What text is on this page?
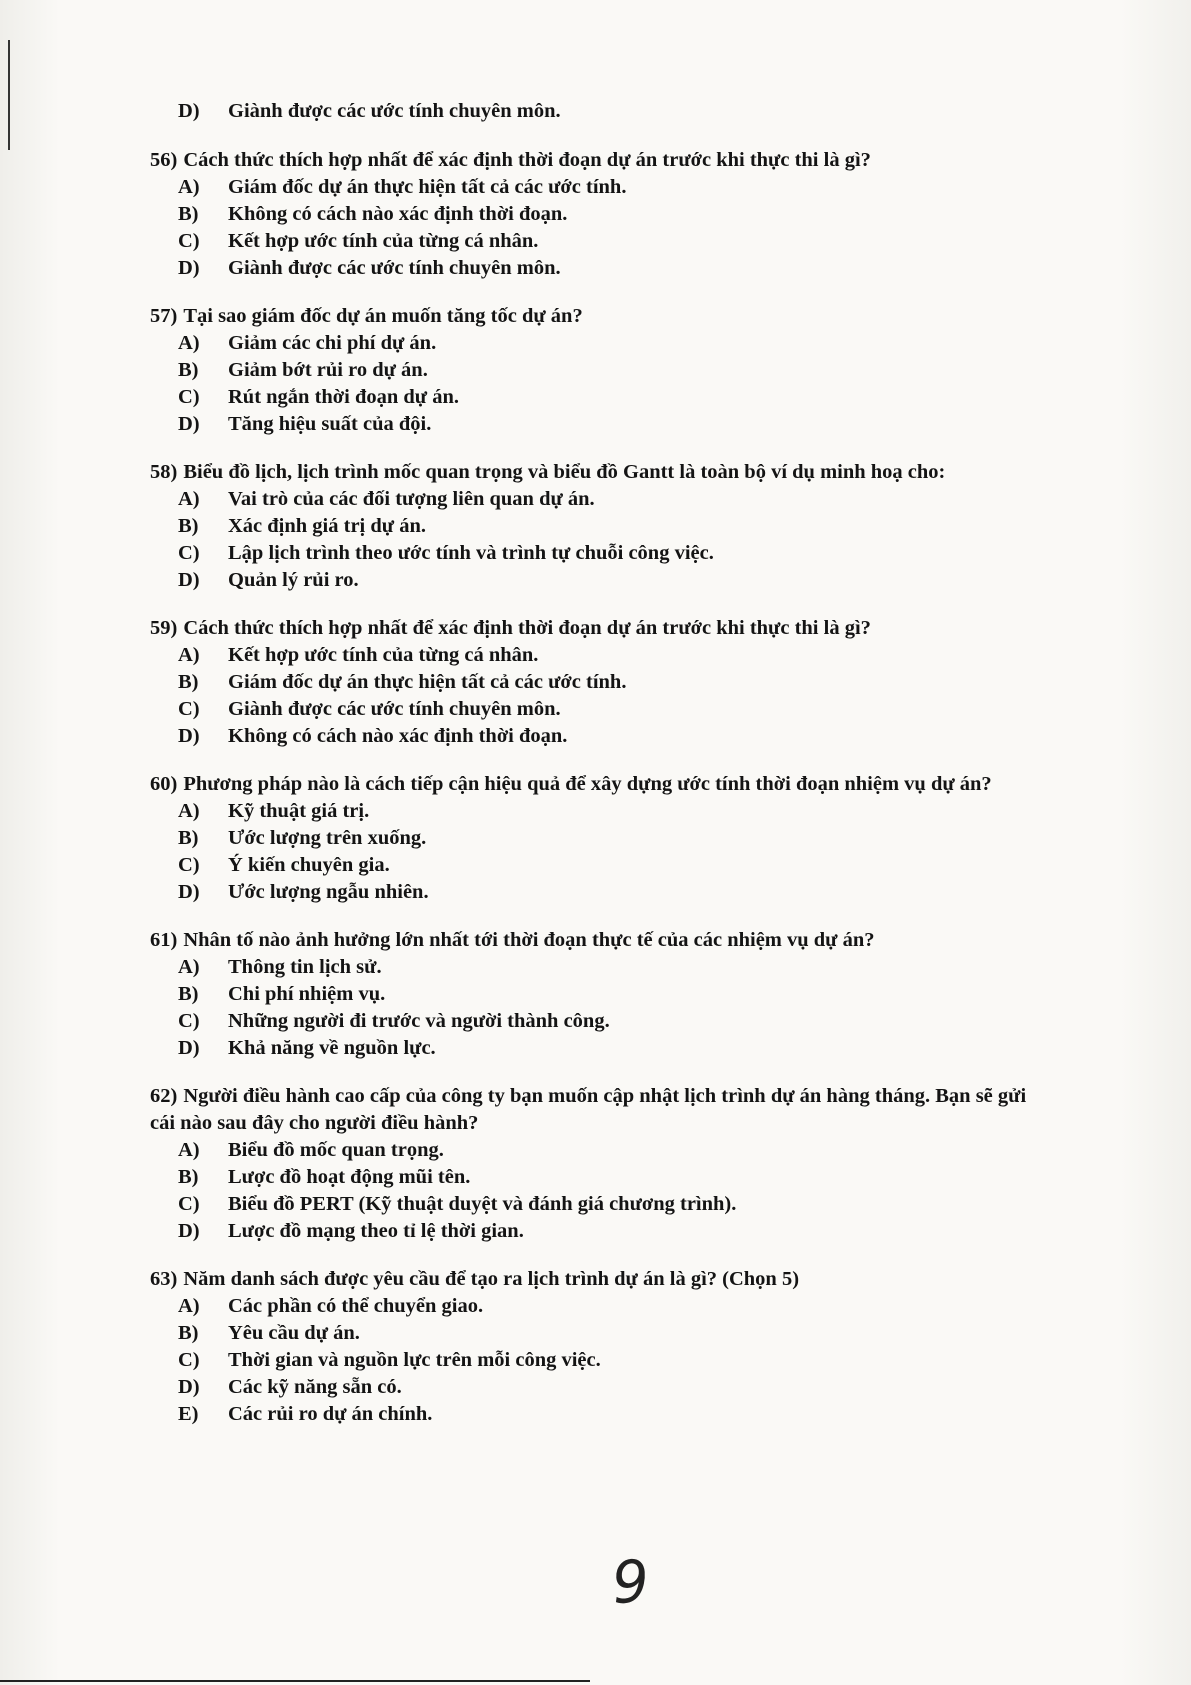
D)	Giành được các ước tính chuyên môn.

56) Cách thức thích hợp nhất để xác định thời đoạn dự án trước khi thực thi là gì?

A)	Giám đốc dự án thực hiện tất cả các ước tính.
B)	Không có cách nào xác định thời đoạn.
C)	Kết hợp ước tính của từng cá nhân.
D)	Giành được các ước tính chuyên môn.

57) Tại sao giám đốc dự án muốn tăng tốc dự án?

A)	Giảm các chi phí dự án.
B)	Giảm bớt rủi ro dự án.
C)	Rút ngắn thời đoạn dự án.
D)	Tăng hiệu suất của đội.

58) Biểu đồ lịch, lịch trình mốc quan trọng và biểu đồ Gantt là toàn bộ ví dụ minh hoạ cho:

A)	Vai trò của các đối tượng liên quan dự án.
B)	Xác định giá trị dự án.
C)	Lập lịch trình theo ước tính và trình tự chuỗi công việc.
D)	Quản lý rủi ro.

59) Cách thức thích hợp nhất để xác định thời đoạn dự án trước khi thực thi là gì?

A)	Kết hợp ước tính của từng cá nhân.
B)	Giám đốc dự án thực hiện tất cả các ước tính.
C)	Giành được các ước tính chuyên môn.
D)	Không có cách nào xác định thời đoạn.

60) Phương pháp nào là cách tiếp cận hiệu quả để xây dựng ước tính thời đoạn nhiệm vụ dự án?

A)	Kỹ thuật giá trị.
B)	Ước lượng trên xuống.
C)	Ý kiến chuyên gia.
D)	Ước lượng ngẫu nhiên.

61) Nhân tố nào ảnh hưởng lớn nhất tới thời đoạn thực tế của các nhiệm vụ dự án?

A)	Thông tin lịch sử.
B)	Chi phí nhiệm vụ.
C)	Những người đi trước và người thành công.
D)	Khả năng về nguồn lực.

62) Người điều hành cao cấp của công ty bạn muốn cập nhật lịch trình dự án hàng tháng. Bạn sẽ gửi cái nào sau đây cho người điều hành?

A)	Biểu đồ mốc quan trọng.
B)	Lược đồ hoạt động mũi tên.
C)	Biểu đồ PERT (Kỹ thuật duyệt và đánh giá chương trình).
D)	Lược đồ mạng theo tỉ lệ thời gian.

63) Năm danh sách được yêu cầu để tạo ra lịch trình dự án là gì? (Chọn 5)

A)	Các phần có thể chuyển giao.
B)	Yêu cầu dự án.
C)	Thời gian và nguồn lực trên mỗi công việc.
D)	Các kỹ năng sẵn có.
E)	Các rủi ro dự án chính.
9
